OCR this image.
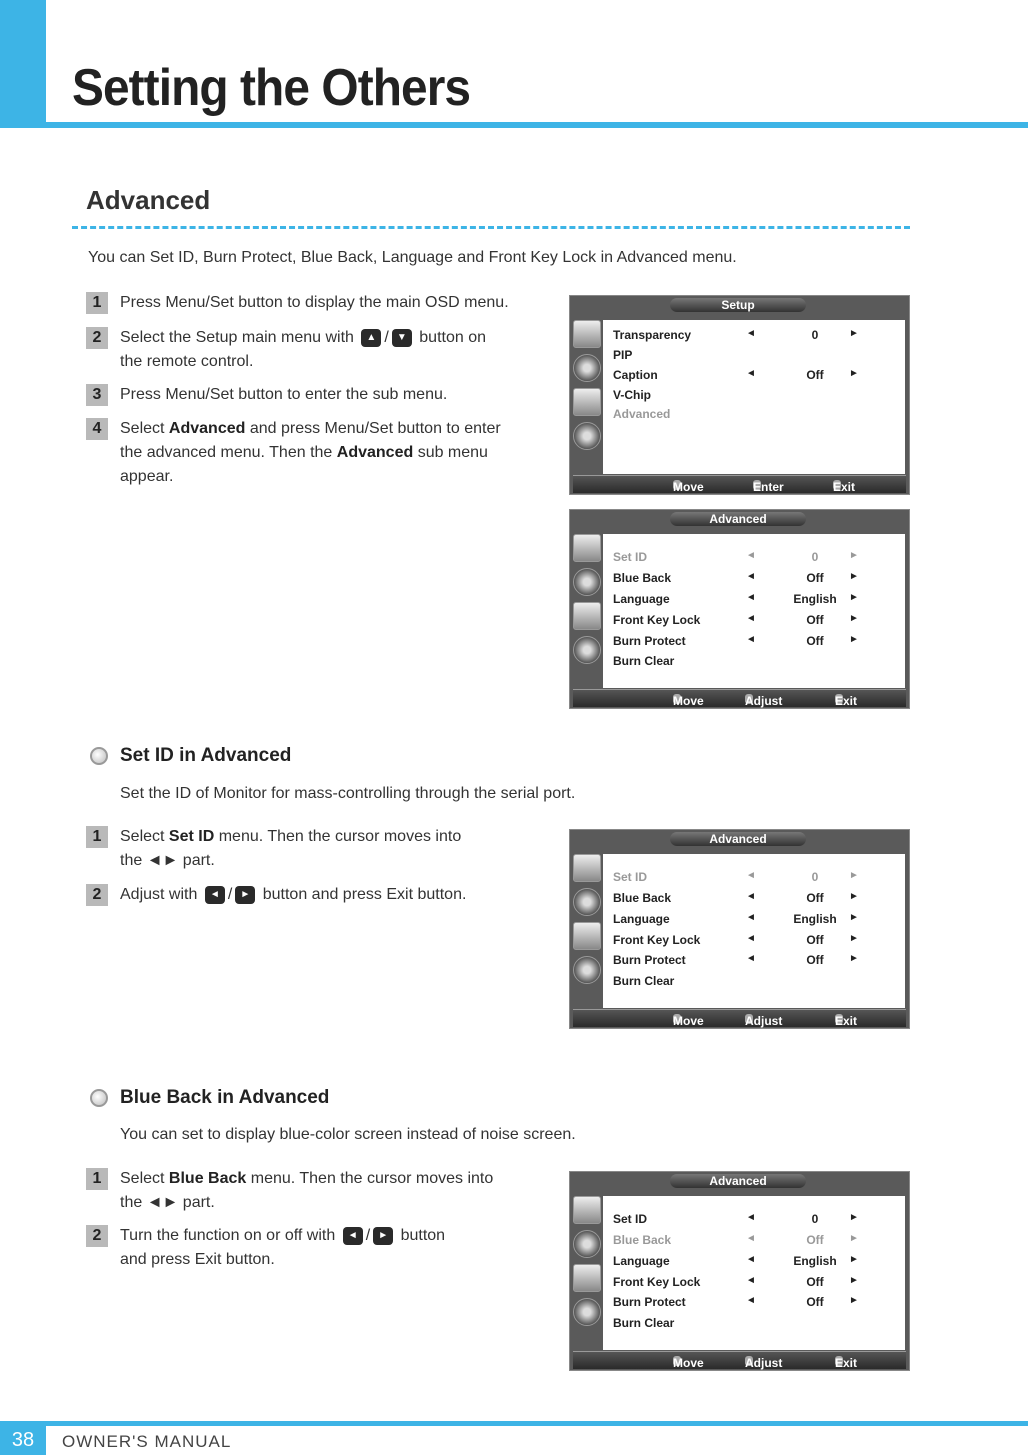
Setting the Others
Advanced
You can Set ID, Burn Protect, Blue Back, Language and Front Key Lock in Advanced menu.
1	Press Menu/Set button to display the main OSD menu.
2	Select the Setup main menu with ▲ / ▼ button on
the remote control.
3	Press Menu/Set button to enter the sub menu.
4	Select Advanced and press Menu/Set button to enter
the advanced menu. Then the Advanced sub menu
appear.
Setup
Transparency	◄	0	►
PIP
Caption	◄	Off	►
V-Chip
Advanced
Move	Enter	Exit
Advanced
Set ID	◄	0	►
Blue Back	◄	Off	►
Language	◄	English	►
Front Key Lock	◄	Off	►
Burn Protect	◄	Off	►
Burn Clear
Move	Adjust	Exit
Set ID in Advanced
Set the ID of Monitor for mass-controlling through the serial port.
1	Select Set ID menu. Then the cursor moves into
the ◄► part.
2	Adjust with ◄ / ► button and press Exit button.
Advanced
Set ID	◄	0	►
Blue Back	◄	Off	►
Language	◄	English	►
Front Key Lock	◄	Off	►
Burn Protect	◄	Off	►
Burn Clear
Move	Adjust	Exit
Blue Back in Advanced
You can set to display blue-color screen instead of noise screen.
1	Select Blue Back menu. Then the cursor moves into
the ◄► part.
2	Turn the function on or off with ◄ / ► button
and press Exit button.
Advanced
Set ID	◄	0	►
Blue Back	◄	Off	►
Language	◄	English	►
Front Key Lock	◄	Off	►
Burn Protect	◄	Off	►
Burn Clear
Move	Adjust	Exit
38	OWNER'S MANUAL
